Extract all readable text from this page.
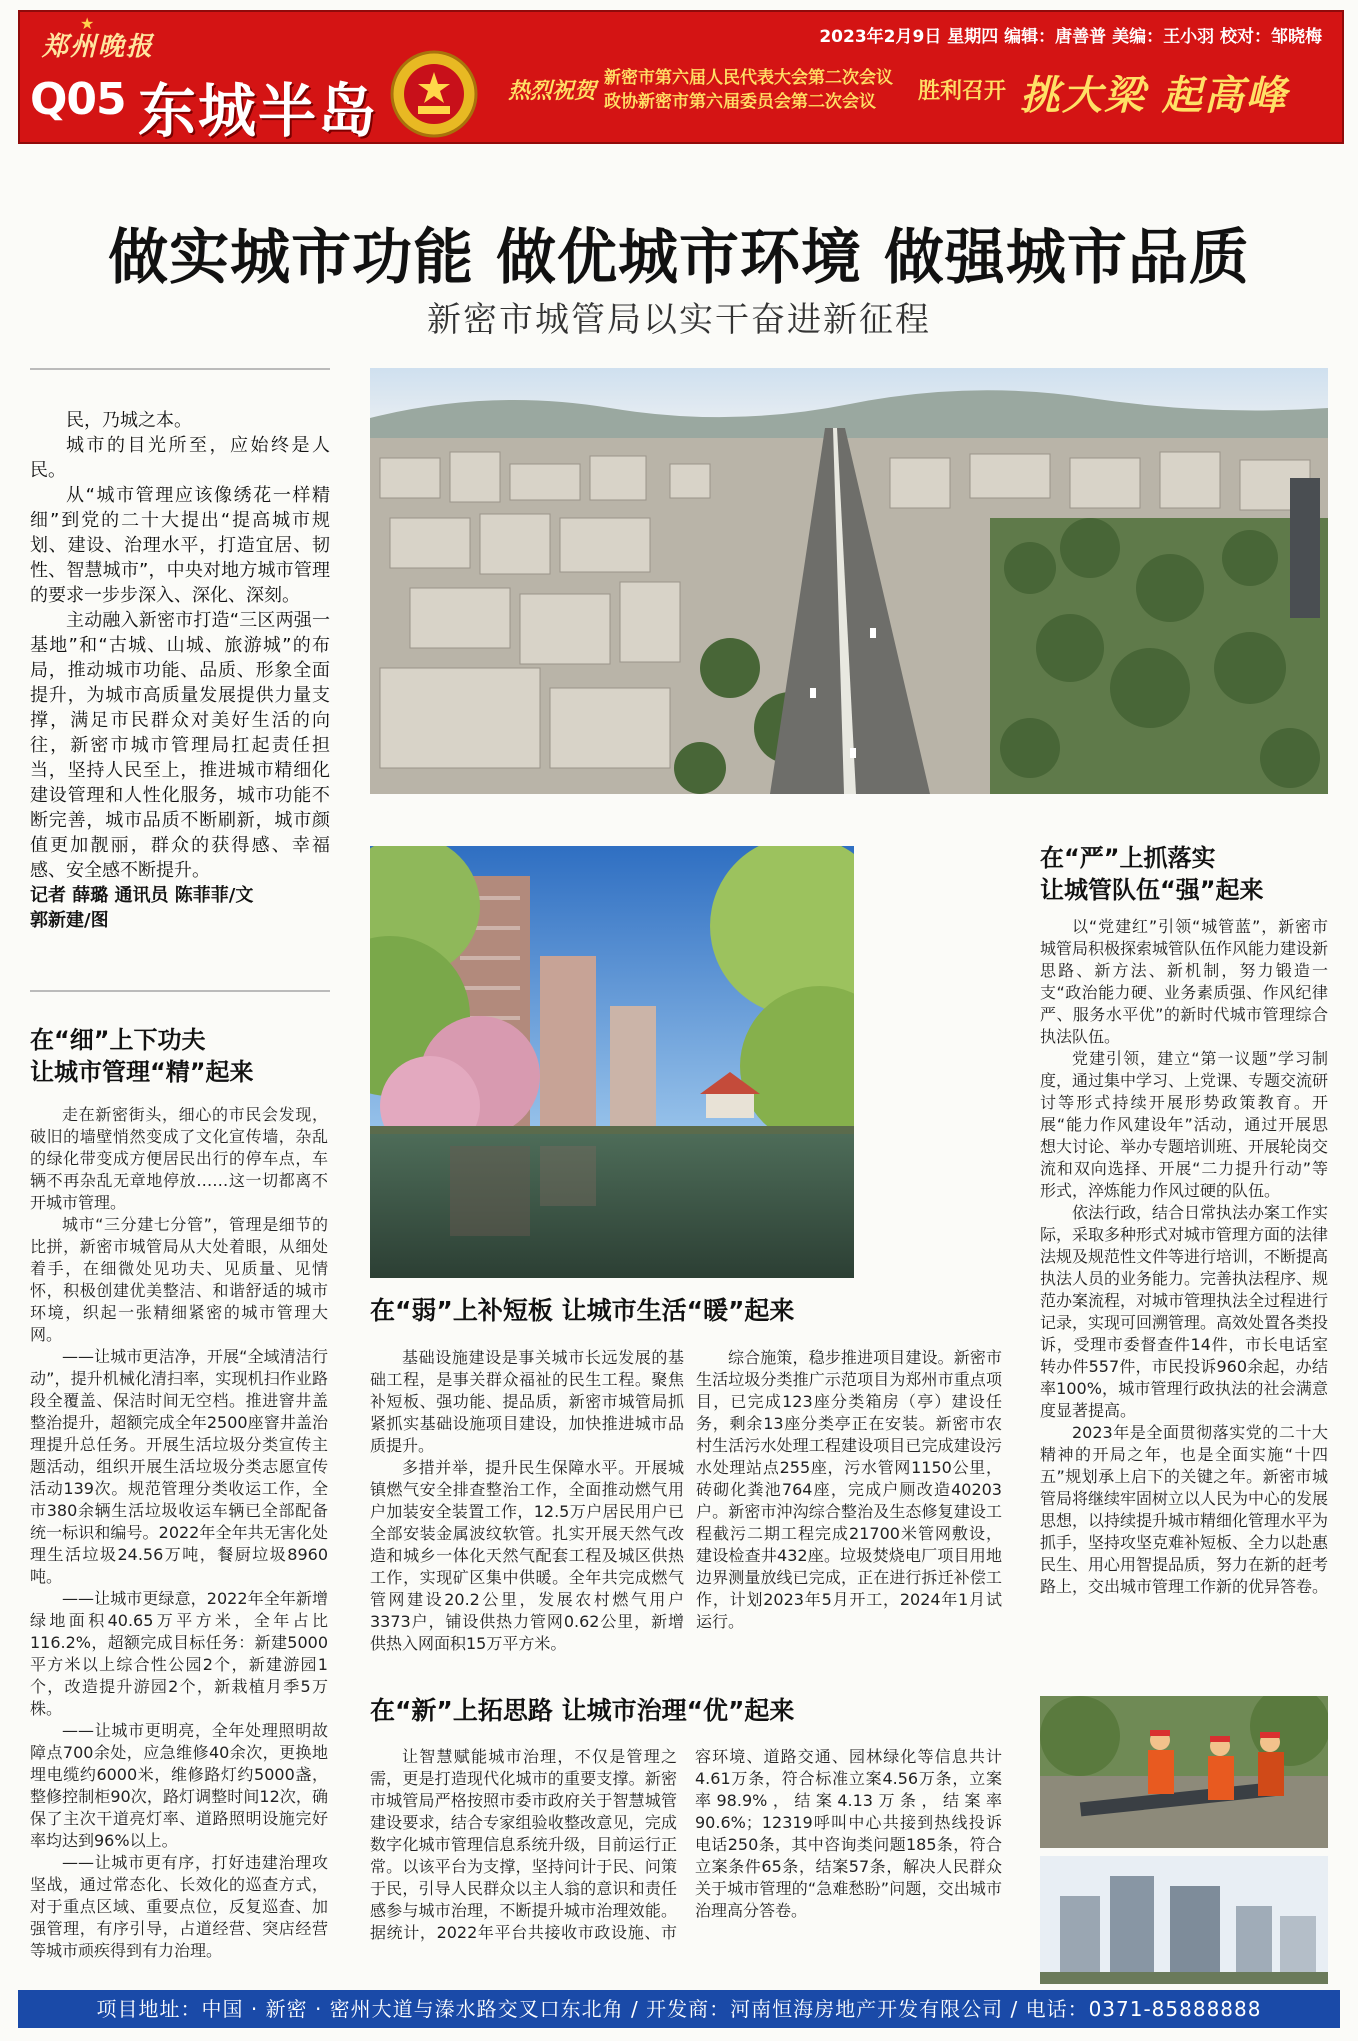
★
郑州晚报
Q05 东城半岛
2023年2月9日 星期四 编辑：唐善普 美编：王小羽 校对：邹晓梅
热烈祝贺
新密市第六届人民代表大会第二次会议
政协新密市第六届委员会第二次会议	胜利召开 挑大梁 起高峰
做实城市功能 做优城市环境 做强城市品质
新密市城管局以实干奋进新征程

民，乃城之本。

城市的目光所至，应始终是人民。

从“城市管理应该像绣花一样精细”到党的二十大提出“提高城市规划、建设、治理水平，打造宜居、韧性、智慧城市”，中央对地方城市管理的要求一步步深入、深化、深刻。

主动融入新密市打造“三区两强一基地”和“古城、山城、旅游城”的布局，推动城市功能、品质、形象全面提升，为城市高质量发展提供力量支撑，满足市民群众对美好生活的向往，新密市城市管理局扛起责任担当，坚持人民至上，推进城市精细化建设管理和人性化服务，城市功能不断完善，城市品质不断刷新，城市颜值更加靓丽，群众的获得感、幸福感、安全感不断提升。

记者 薛璐 通讯员 陈菲菲/文

郭新建/图

在“细”上下功夫
让城市管理“精”起来

走在新密街头，细心的市民会发现，破旧的墙壁悄然变成了文化宣传墙，杂乱的绿化带变成方便居民出行的停车点，车辆不再杂乱无章地停放……这一切都离不开城市管理。

城市“三分建七分管”，管理是细节的比拼，新密市城管局从大处着眼，从细处着手，在细微处见功夫、见质量、见情怀，积极创建优美整洁、和谐舒适的城市环境，织起一张精细紧密的城市管理大网。

——让城市更洁净，开展“全域清洁行动”，提升机械化清扫率，实现机扫作业路段全覆盖、保洁时间无空档。推进窨井盖整治提升，超额完成全年2500座窨井盖治理提升总任务。开展生活垃圾分类宣传主题活动，组织开展生活垃圾分类志愿宣传活动139次。规范管理分类收运工作，全市380余辆生活垃圾收运车辆已全部配备统一标识和编号。2022年全年共无害化处理生活垃圾24.56万吨，餐厨垃圾8960吨。

——让城市更绿意，2022年全年新增绿地面积40.65万平方米，全年占比116.2%，超额完成目标任务：新建5000平方米以上综合性公园2个，新建游园1个，改造提升游园2个，新栽植月季5万株。

——让城市更明亮，全年处理照明故障点700余处，应急维修40余次，更换地埋电缆约6000米，维修路灯约5000盏，整修控制柜90次，路灯调整时间12次，确保了主次干道亮灯率、道路照明设施完好率均达到96%以上。

——让城市更有序，打好违建治理攻坚战，通过常态化、长效化的巡查方式，对于重点区域、重要点位，反复巡查、加强管理，有序引导，占道经营、突店经营等城市顽疾得到有力治理。

在“弱”上补短板 让城市生活“暖”起来

基础设施建设是事关城市长远发展的基础工程，是事关群众福祉的民生工程。聚焦补短板、强功能、提品质，新密市城管局抓紧抓实基础设施项目建设，加快推进城市品质提升。

多措并举，提升民生保障水平。开展城镇燃气安全排查整治工作，全面推动燃气用户加装安全装置工作，12.5万户居民用户已全部安装金属波纹软管。扎实开展天然气改造和城乡一体化天然气配套工程及城区供热工作，实现矿区集中供暖。全年共完成燃气管网建设20.2公里，发展农村燃气用户3373户，铺设供热力管网0.62公里，新增供热入网面积15万平方米。

综合施策，稳步推进项目建设。新密市生活垃圾分类推广示范项目为郑州市重点项目，已完成123座分类箱房（亭）建设任务，剩余13座分类亭正在安装。新密市农村生活污水处理工程建设项目已完成建设污水处理站点255座，污水管网1150公里，砖砌化粪池764座，完成户厕改造40203户。新密市沖沟综合整治及生态修复建设工程截污二期工程完成21700米管网敷设，建设检查井432座。垃圾焚烧电厂项目用地边界测量放线已完成，正在进行拆迁补偿工作，计划2023年5月开工，2024年1月试运行。

在“新”上拓思路 让城市治理“优”起来

让智慧赋能城市治理，不仅是管理之需，更是打造现代化城市的重要支撑。新密市城管局严格按照市委市政府关于智慧城管建设要求，结合专家组验收整改意见，完成数字化城市管理信息系统升级，目前运行正常。以该平台为支撑，坚持问计于民、问策于民，引导人民群众以主人翁的意识和责任感参与城市治理，不断提升城市治理效能。据统计，2022年平台共接收市政设施、市容环境、道路交通、园林绿化等信息共计4.61万条，符合标准立案4.56万条，立案率98.9%，结案4.13万条，结案率90.6%；12319呼叫中心共接到热线投诉电话250条，其中咨询类问题185条，符合立案条件65条，结案57条，解决人民群众关于城市管理的“急难愁盼”问题，交出城市治理高分答卷。

在“严”上抓落实
让城管队伍“强”起来

以“党建红”引领“城管蓝”，新密市城管局积极探索城管队伍作风能力建设新思路、新方法、新机制，努力锻造一支“政治能力硬、业务素质强、作风纪律严、服务水平优”的新时代城市管理综合执法队伍。

党建引领，建立“第一议题”学习制度，通过集中学习、上党课、专题交流研讨等形式持续开展形势政策教育。开展“能力作风建设年”活动，通过开展思想大讨论、举办专题培训班、开展轮岗交流和双向选择、开展“二力提升行动”等形式，淬炼能力作风过硬的队伍。

依法行政，结合日常执法办案工作实际，采取多种形式对城市管理方面的法律法规及规范性文件等进行培训，不断提高执法人员的业务能力。完善执法程序、规范办案流程，对城市管理执法全过程进行记录，实现可回溯管理。高效处置各类投诉，受理市委督查件14件，市长电话室转办件557件，市民投诉960余起，办结率100%，城市管理行政执法的社会满意度显著提高。

2023年是全面贯彻落实党的二十大精神的开局之年，也是全面实施“十四五”规划承上启下的关键之年。新密市城管局将继续牢固树立以人民为中心的发展思想，以持续提升城市精细化管理水平为抓手，坚持攻坚克难补短板、全力以赴惠民生、用心用智提品质，努力在新的赶考路上，交出城市管理工作新的优异答卷。

项目地址：中国 · 新密 · 密州大道与溱水路交叉口东北角 / 开发商：河南恒海房地产开发有限公司 / 电话：0371-85888888
